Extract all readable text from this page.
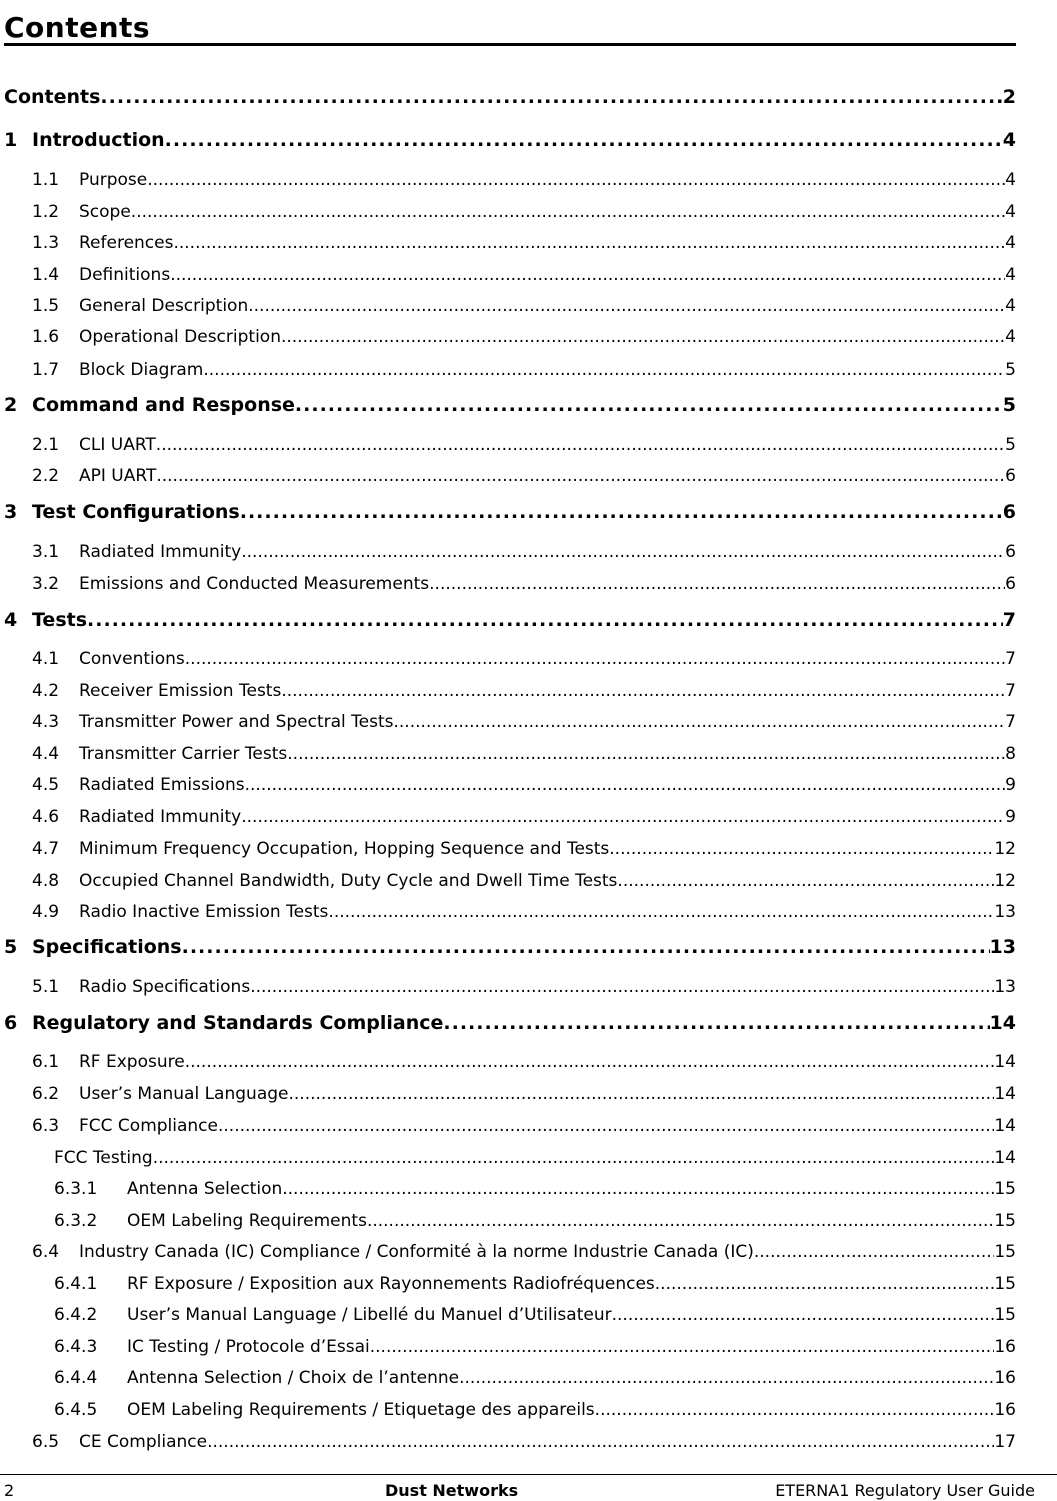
Contents
Contents .....	2
1 Introduction .....	4
1.1	Purpose .....	4
1.2	Scope .....	4
1.3	References .....	4
1.4	Definitions .....	4
1.5	General Description .....	4
1.6	Operational Description .....	4
1.7	Block Diagram .....	5
2 Command and Response .....	5
2.1	CLI UART .....	5
2.2	API UART .....	6
3 Test Configurations .....	6
3.1	Radiated Immunity .....	6
3.2	Emissions and Conducted Measurements .....	6
4 Tests .....	7
4.1	Conventions .....	7
4.2	Receiver Emission Tests .....	7
4.3	Transmitter Power and Spectral Tests .....	7
4.4	Transmitter Carrier Tests .....	8
4.5	Radiated Emissions .....	9
4.6	Radiated Immunity .....	9
4.7	Minimum Frequency Occupation, Hopping Sequence and Tests .....	12
4.8	Occupied Channel Bandwidth, Duty Cycle and Dwell Time Tests .....	12
4.9	Radio Inactive Emission Tests .....	13
5 Specifications .....	13
5.1	Radio Specifications .....	13
6 Regulatory and Standards Compliance .....	14
6.1	RF Exposure .....	14
6.2	User’s Manual Language .....	14
6.3	FCC Compliance .....	14
FCC Testing .....	14
6.3.1	Antenna Selection .....	15
6.3.2	OEM Labeling Requirements .....	15
6.4	Industry Canada (IC) Compliance / Conformité à la norme Industrie Canada (IC) .....	15
6.4.1	RF Exposure / Exposition aux Rayonnements Radiofréquences .....	15
6.4.2	User’s Manual Language / Libellé du Manuel d’Utilisateur .....	15
6.4.3	IC Testing / Protocole d’Essai .....	16
6.4.4	Antenna Selection / Choix de l’antenne .....	16
6.4.5	OEM Labeling Requirements / Etiquetage des appareils .....	16
6.5	CE Compliance .....	17
2	Dust Networks	ETERNA1 Regulatory User Guide
